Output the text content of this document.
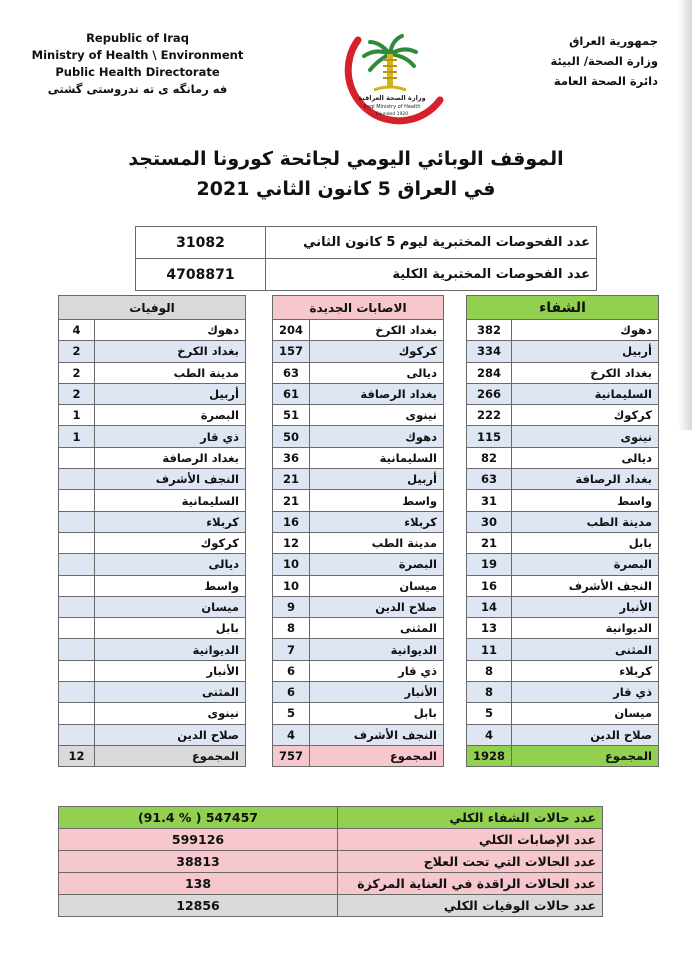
Republic of Iraq
Ministry of Health \ Environment
Public Health Directorate
فه رمانگه ی ته ندروستی گشتی
جمهورية العراق
وزارة الصحة/ البيئة
دائرة الصحة العامة
وزارة الصحة العراقية
Iraqi Ministry of Health
Founded 1920
الموقف الوبائي اليومي لجائحة كورونا المستجد
في العراق 5 كانون الثاني 2021
31082	عدد الفحوصات المختبرية ليوم 5 كانون الثاني
4708871	عدد الفحوصات المختبرية الكلية
الوفيات	
4	دهوك
2	بغداد الكرخ
2	مدينة الطب
2	أربيل
1	البصرة
1	ذي قار
	بغداد الرصافة
	النجف الأشرف
	السليمانية
	كربلاء
	كركوك
	ديالى
	واسط
	ميسان
	بابل
	الديوانية
	الأنبار
	المثنى
	نينوى
	صلاح الدين
12	المجموع
الاصابات الجديدة	
204	بغداد الكرخ
157	كركوك
63	ديالى
61	بغداد الرصافة
51	نينوى
50	دهوك
36	السليمانية
21	أربيل
21	واسط
16	كربلاء
12	مدينة الطب
10	البصرة
10	ميسان
9	صلاح الدين
8	المثنى
7	الديوانية
6	ذي قار
6	الأنبار
5	بابل
4	النجف الأشرف
757	المجموع
الشفاء	
382	دهوك
334	أربيل
284	بغداد الكرخ
266	السليمانية
222	كركوك
115	نينوى
82	ديالى
63	بغداد الرصافة
31	واسط
30	مدينة الطب
21	بابل
19	البصرة
16	النجف الأشرف
14	الأنبار
13	الديوانية
11	المثنى
8	كربلاء
8	ذي قار
5	ميسان
4	صلاح الدين
1928	المجموع
(91.4 % ) 547457	عدد حالات الشفاء الكلي
599126	عدد الإصابات الكلي
38813	عدد الحالات التي تحت العلاج
138	عدد الحالات الراقدة في العناية المركزة
12856	عدد حالات الوفيات الكلي
